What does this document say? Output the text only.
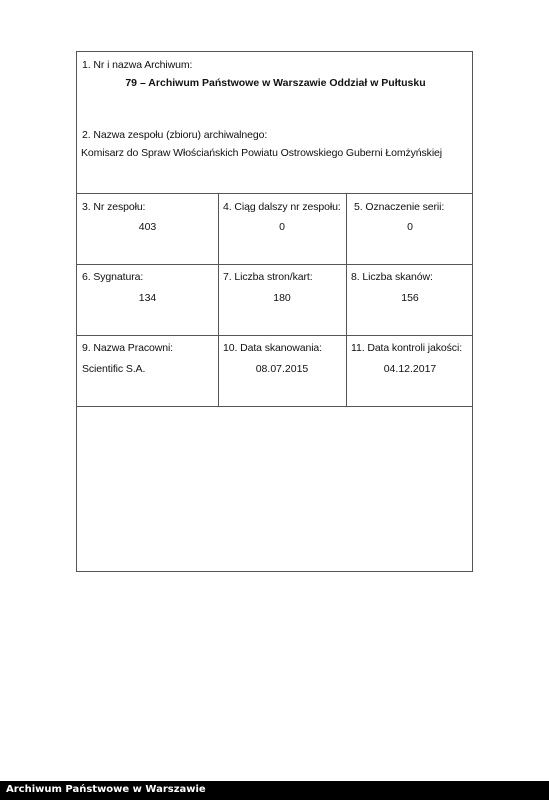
1. Nr i nazwa Archiwum:
79 – Archiwum Państwowe w Warszawie Oddział w Pułtusku
2. Nazwa zespołu (zbioru) archiwalnego:
Komisarz do Spraw Włościańskich Powiatu Ostrowskiego Guberni Łomżyńskiej
3. Nr zespołu:
403
4. Ciąg dalszy nr zespołu:
0
5. Oznaczenie serii:
0
6. Sygnatura:
134
7. Liczba stron/kart:
180
8. Liczba skanów:
156
9. Nazwa Pracowni:
Scientific S.A.
10. Data skanowania:
08.07.2015
11. Data kontroli jakości:
04.12.2017
Archiwum Państwowe w Warszawie
